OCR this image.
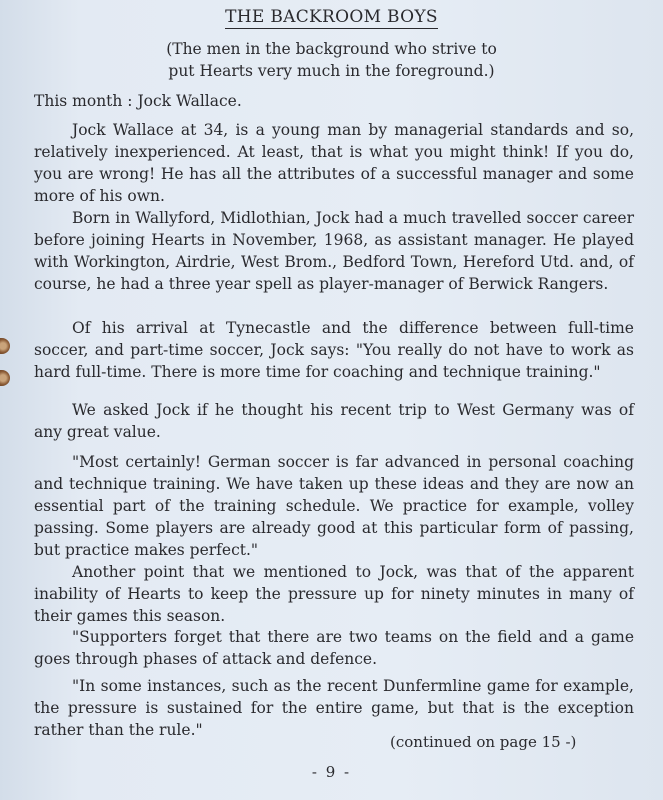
THE BACKROOM BOYS
(The men in the background who strive to
put Hearts very much in the foreground.)

This month : Jock Wallace.

Jock Wallace at 34, is a young man by managerial standards and so, relatively inexperienced. At least, that is what you might think! If you do, you are wrong! He has all the attributes of a successful manager and some more of his own.

Born in Wallyford, Midlothian, Jock had a much travelled soccer career before joining Hearts in November, 1968, as assistant manager. He played with Workington, Airdrie, West Brom., Bedford Town, Hereford Utd. and, of course, he had a three year spell as player-manager of Berwick Rangers.

Of his arrival at Tynecastle and the difference between full-time soccer, and part-time soccer, Jock says: "You really do not have to work as hard full-time. There is more time for coaching and technique training."

We asked Jock if he thought his recent trip to West Germany was of any great value.

"Most certainly! German soccer is far advanced in personal coaching and technique training. We have taken up these ideas and they are now an essential part of the training schedule. We practice for example, volley passing. Some players are already good at this particular form of passing, but practice makes perfect."

Another point that we mentioned to Jock, was that of the apparent inability of Hearts to keep the pressure up for ninety minutes in many of their games this season.

"Supporters forget that there are two teams on the field and a game goes through phases of attack and defence.

"In some instances, such as the recent Dunfermline game for example, the pressure is sustained for the entire game, but that is the exception rather than the rule."

(continued on page 15 -)
- 9 -
